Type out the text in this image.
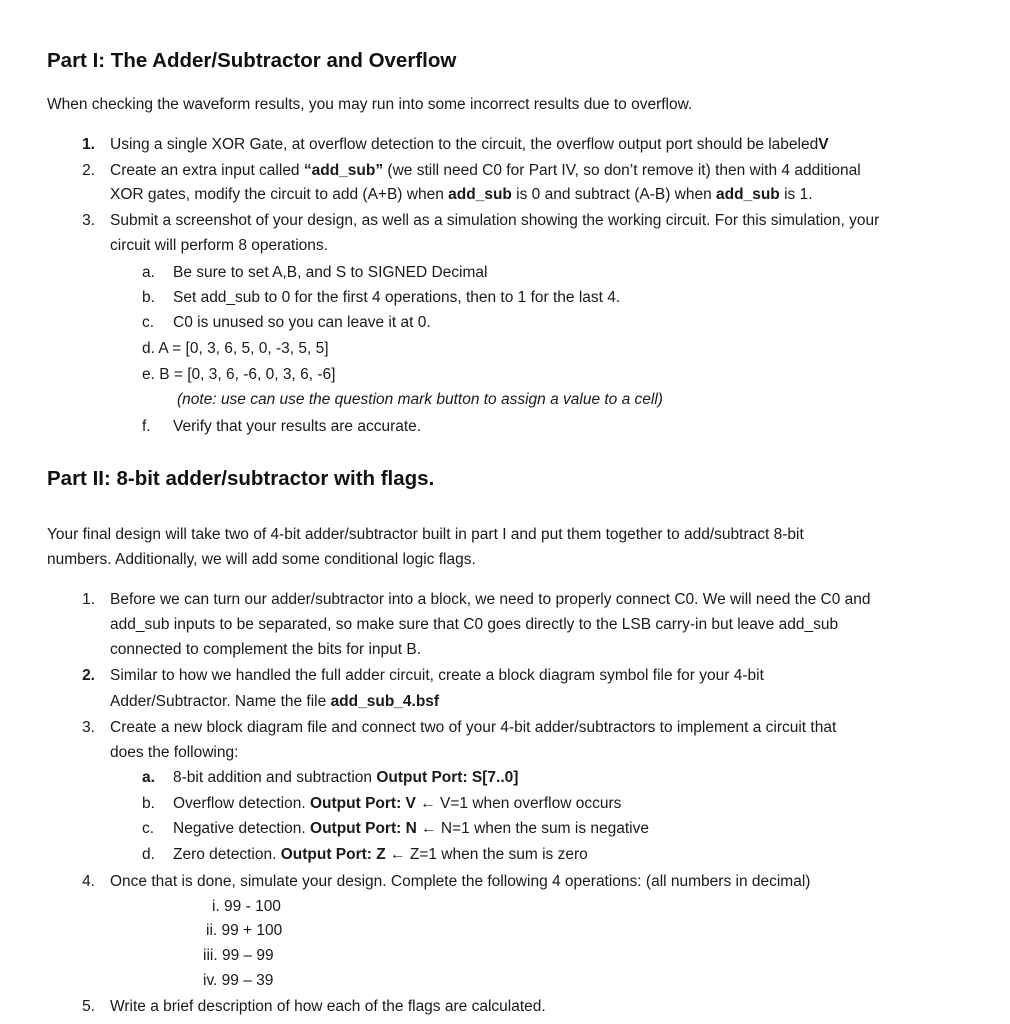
Part I: The Adder/Subtractor and Overflow
When checking the waveform results, you may run into some incorrect results due to overflow.
1. Using a single XOR Gate, at overflow detection to the circuit, the overflow output port should be labeledV
2. Create an extra input called “add_sub” (we still need C0 for Part IV, so don’t remove it) then with 4 additional
XOR gates, modify the circuit to add (A+B) when add_sub is 0 and subtract (A-B) when add_sub is 1.
3. Submit a screenshot of your design, as well as a simulation showing the working circuit. For this simulation, your
circuit will perform 8 operations.
a. Be sure to set A,B, and S to SIGNED Decimal
b. Set add_sub to 0 for the first 4 operations, then to 1 for the last 4.
c. C0 is unused so you can leave it at 0.
d. A = [0, 3, 6, 5, 0, -3, 5, 5]
e. B = [0, 3, 6, -6, 0, 3, 6, -6]
(note: use can use the question mark button to assign a value to a cell)
f. Verify that your results are accurate.
Part II: 8-bit adder/subtractor with flags.
Your final design will take two of 4-bit adder/subtractor built in part I and put them together to add/subtract 8-bit
numbers. Additionally, we will add some conditional logic flags.
1. Before we can turn our adder/subtractor into a block, we need to properly connect C0. We will need the C0 and
add_sub inputs to be separated, so make sure that C0 goes directly to the LSB carry-in but leave add_sub
connected to complement the bits for input B.
2. Similar to how we handled the full adder circuit, create a block diagram symbol file for your 4-bit
Adder/Subtractor. Name the file add_sub_4.bsf
3. Create a new block diagram file and connect two of your 4-bit adder/subtractors to implement a circuit that
does the following:
a. 8-bit addition and subtraction Output Port: S[7..0]
b. Overflow detection. Output Port: V ← V=1 when overflow occurs
c. Negative detection. Output Port: N ← N=1 when the sum is negative
d. Zero detection. Output Port: Z ← Z=1 when the sum is zero
4. Once that is done, simulate your design. Complete the following 4 operations: (all numbers in decimal)
i. 99 - 100
ii. 99 + 100
iii. 99 – 99
iv. 99 – 39
5. Write a brief description of how each of the flags are calculated.
